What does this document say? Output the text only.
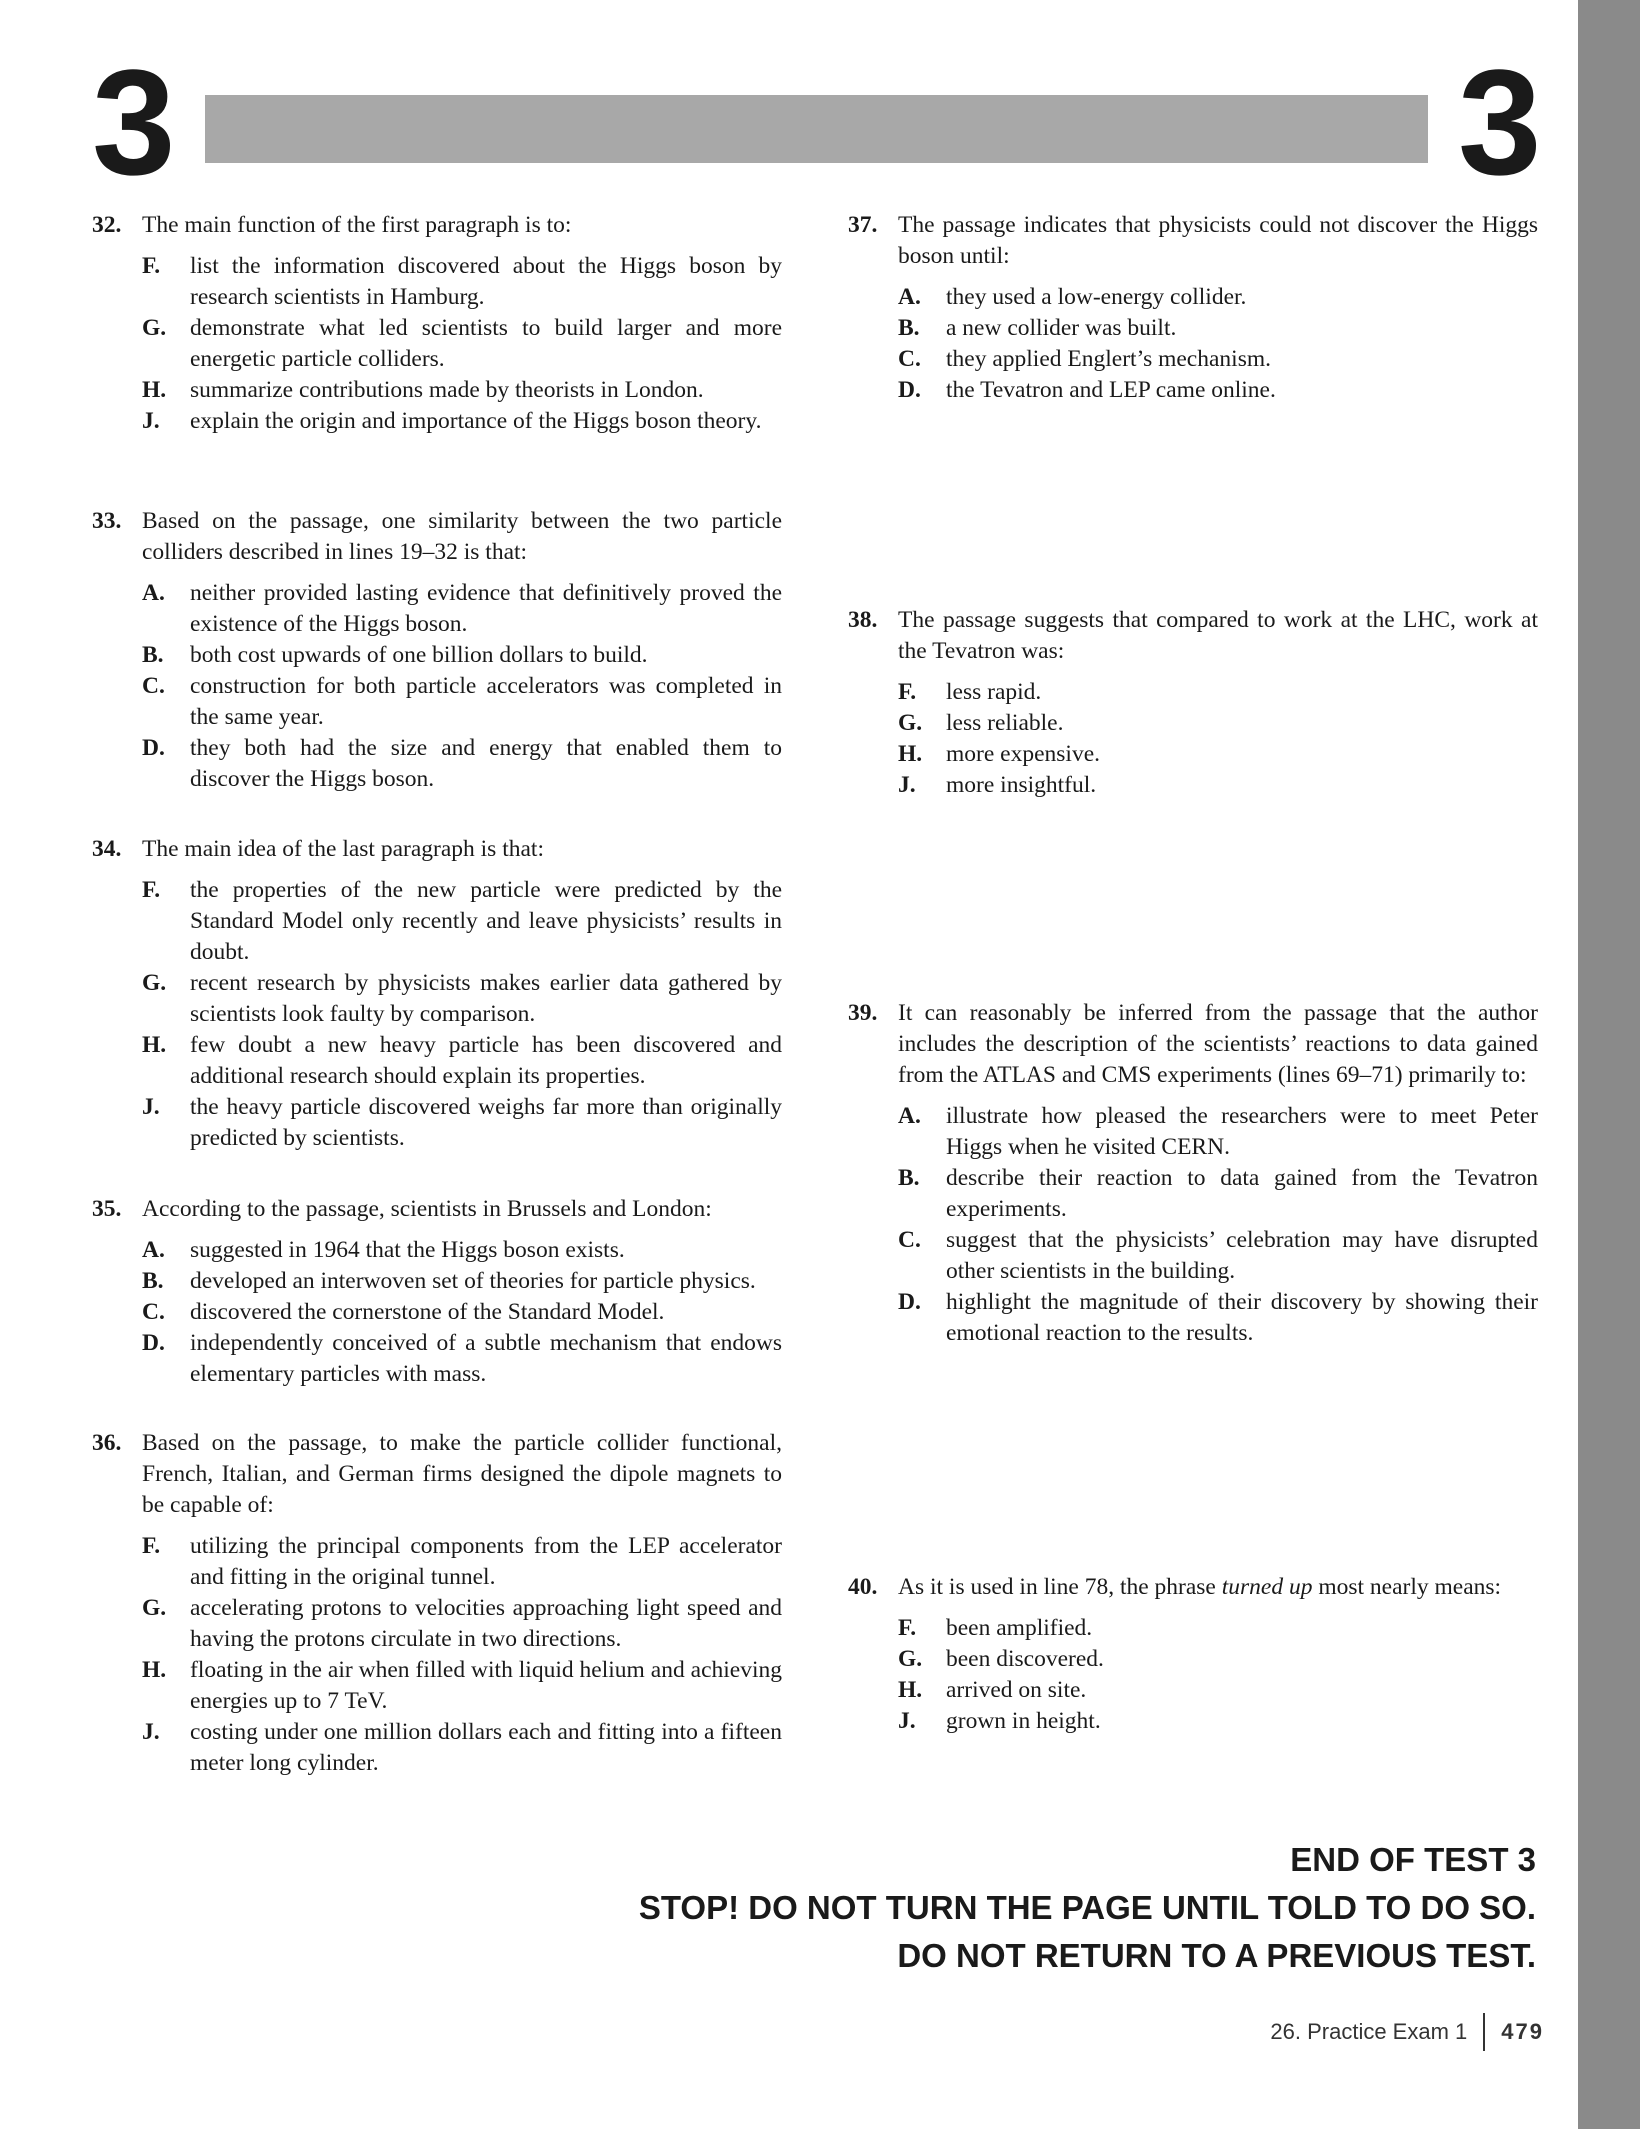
3	3
32. The main function of the first paragraph is to:
F. list the information discovered about the Higgs boson by research scientists in Hamburg.
G. demonstrate what led scientists to build larger and more energetic particle colliders.
H. summarize contributions made by theorists in London.
J. explain the origin and importance of the Higgs boson theory.
33. Based on the passage, one similarity between the two particle colliders described in lines 19–32 is that:
A. neither provided lasting evidence that definitively proved the existence of the Higgs boson.
B. both cost upwards of one billion dollars to build.
C. construction for both particle accelerators was completed in the same year.
D. they both had the size and energy that enabled them to discover the Higgs boson.
34. The main idea of the last paragraph is that:
F. the properties of the new particle were predicted by the Standard Model only recently and leave physicists’ results in doubt.
G. recent research by physicists makes earlier data gathered by scientists look faulty by comparison.
H. few doubt a new heavy particle has been discovered and additional research should explain its properties.
J. the heavy particle discovered weighs far more than originally predicted by scientists.
35. According to the passage, scientists in Brussels and London:
A. suggested in 1964 that the Higgs boson exists.
B. developed an interwoven set of theories for particle physics.
C. discovered the cornerstone of the Standard Model.
D. independently conceived of a subtle mechanism that endows elementary particles with mass.
36. Based on the passage, to make the particle collider functional, French, Italian, and German firms designed the dipole magnets to be capable of:
F. utilizing the principal components from the LEP accelerator and fitting in the original tunnel.
G. accelerating protons to velocities approaching light speed and having the protons circulate in two directions.
H. floating in the air when filled with liquid helium and achieving energies up to 7 TeV.
J. costing under one million dollars each and fitting into a fifteen meter long cylinder.
37. The passage indicates that physicists could not discover the Higgs boson until:
A. they used a low-energy collider.
B. a new collider was built.
C. they applied Englert’s mechanism.
D. the Tevatron and LEP came online.
38. The passage suggests that compared to work at the LHC, work at the Tevatron was:
F. less rapid.
G. less reliable.
H. more expensive.
J. more insightful.
39. It can reasonably be inferred from the passage that the author includes the description of the scientists’ reactions to data gained from the ATLAS and CMS experiments (lines 69–71) primarily to:
A. illustrate how pleased the researchers were to meet Peter Higgs when he visited CERN.
B. describe their reaction to data gained from the Tevatron experiments.
C. suggest that the physicists’ celebration may have disrupted other scientists in the building.
D. highlight the magnitude of their discovery by showing their emotional reaction to the results.
40. As it is used in line 78, the phrase turned up most nearly means:
F. been amplified.
G. been discovered.
H. arrived on site.
J. grown in height.
END OF TEST 3
STOP! DO NOT TURN THE PAGE UNTIL TOLD TO DO SO.
DO NOT RETURN TO A PREVIOUS TEST.
26. Practice Exam 1 479
